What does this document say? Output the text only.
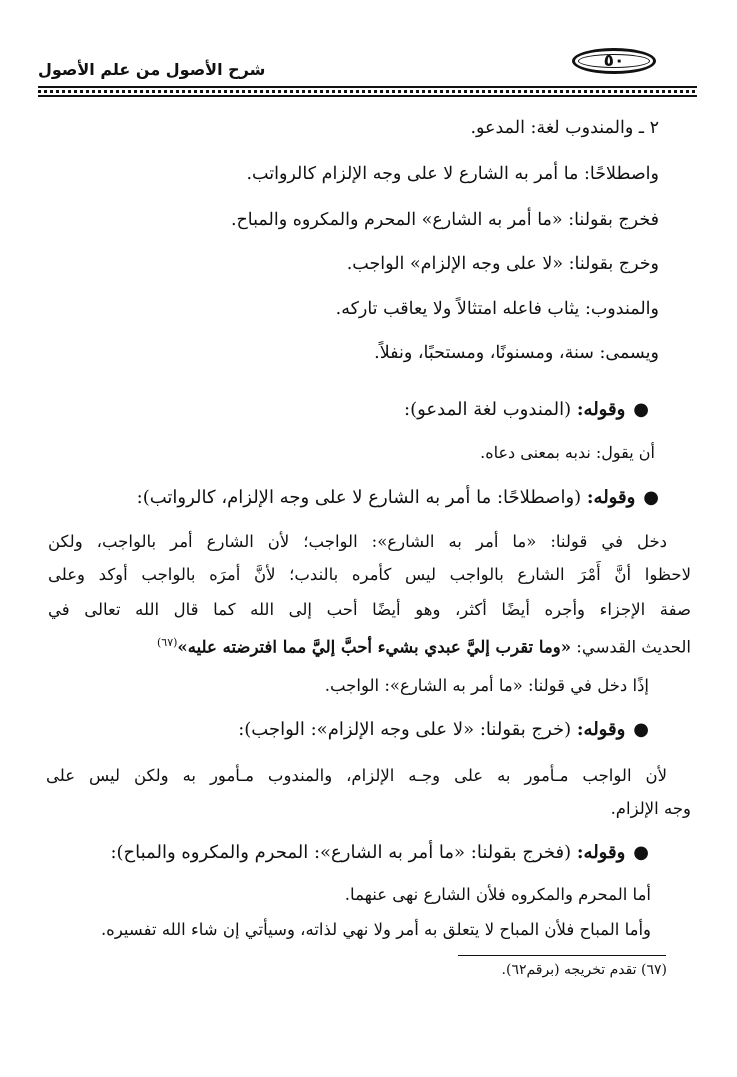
٥٠
شرح الأصول من علم الأصول
٢ ـ والمندوب لغة: المدعو.
واصطلاحًا: ما أمر به الشارع لا على وجه الإلزام كالرواتب.
فخرج بقولنا: «ما أمر به الشارع» المحرم والمكروه والمباح.
وخرج بقولنا: «لا على وجه الإلزام» الواجب.
والمندوب: يثاب فاعله امتثالاً ولا يعاقب تاركه.
ويسمى: سنة، ومسنونًا، ومستحبًا، ونفلاً.
●وقوله: (المندوب لغة المدعو):
أن يقول: ندبه بمعنى دعاه.
●وقوله: (واصطلاحًا: ما أمر به الشارع لا على وجه الإلزام، كالرواتب):
دخل في قولنا: «ما أمر به الشارع»: الواجب؛ لأن الشارع أمر بالواجب، ولكن
لاحظوا أنَّ أَمْرَ الشارع بالواجب ليس كأمره بالندب؛ لأنَّ أمرَه بالواجب أوكد وعلى
صفة الإجزاء وأجره أيضًا أكثر، وهو أيضًا أحب إلى الله كما قال الله تعالى في
الحديث القدسي: «وما تقرب إليَّ عبدي بشيء أحبَّ إليَّ مما افترضته عليه»$^{(٦٧)}$
إذًا دخل في قولنا: «ما أمر به الشارع»: الواجب.
●وقوله: (خرج بقولنا: «لا على وجه الإلزام»: الواجب):
لأن الواجب مـأمور به على وجـه الإلزام، والمندوب مـأمور به ولكن ليس على
وجه الإلزام.
●وقوله: (فخرج بقولنا: «ما أمر به الشارع»: المحرم والمكروه والمباح):
أما المحرم والمكروه فلأن الشارع نهى عنهما.
وأما المباح فلأن المباح لا يتعلق به أمر ولا نهي لذاته، وسيأتي إن شاء الله تفسيره.
(٦٧) تقدم تخريجه (برقم٦٢).
